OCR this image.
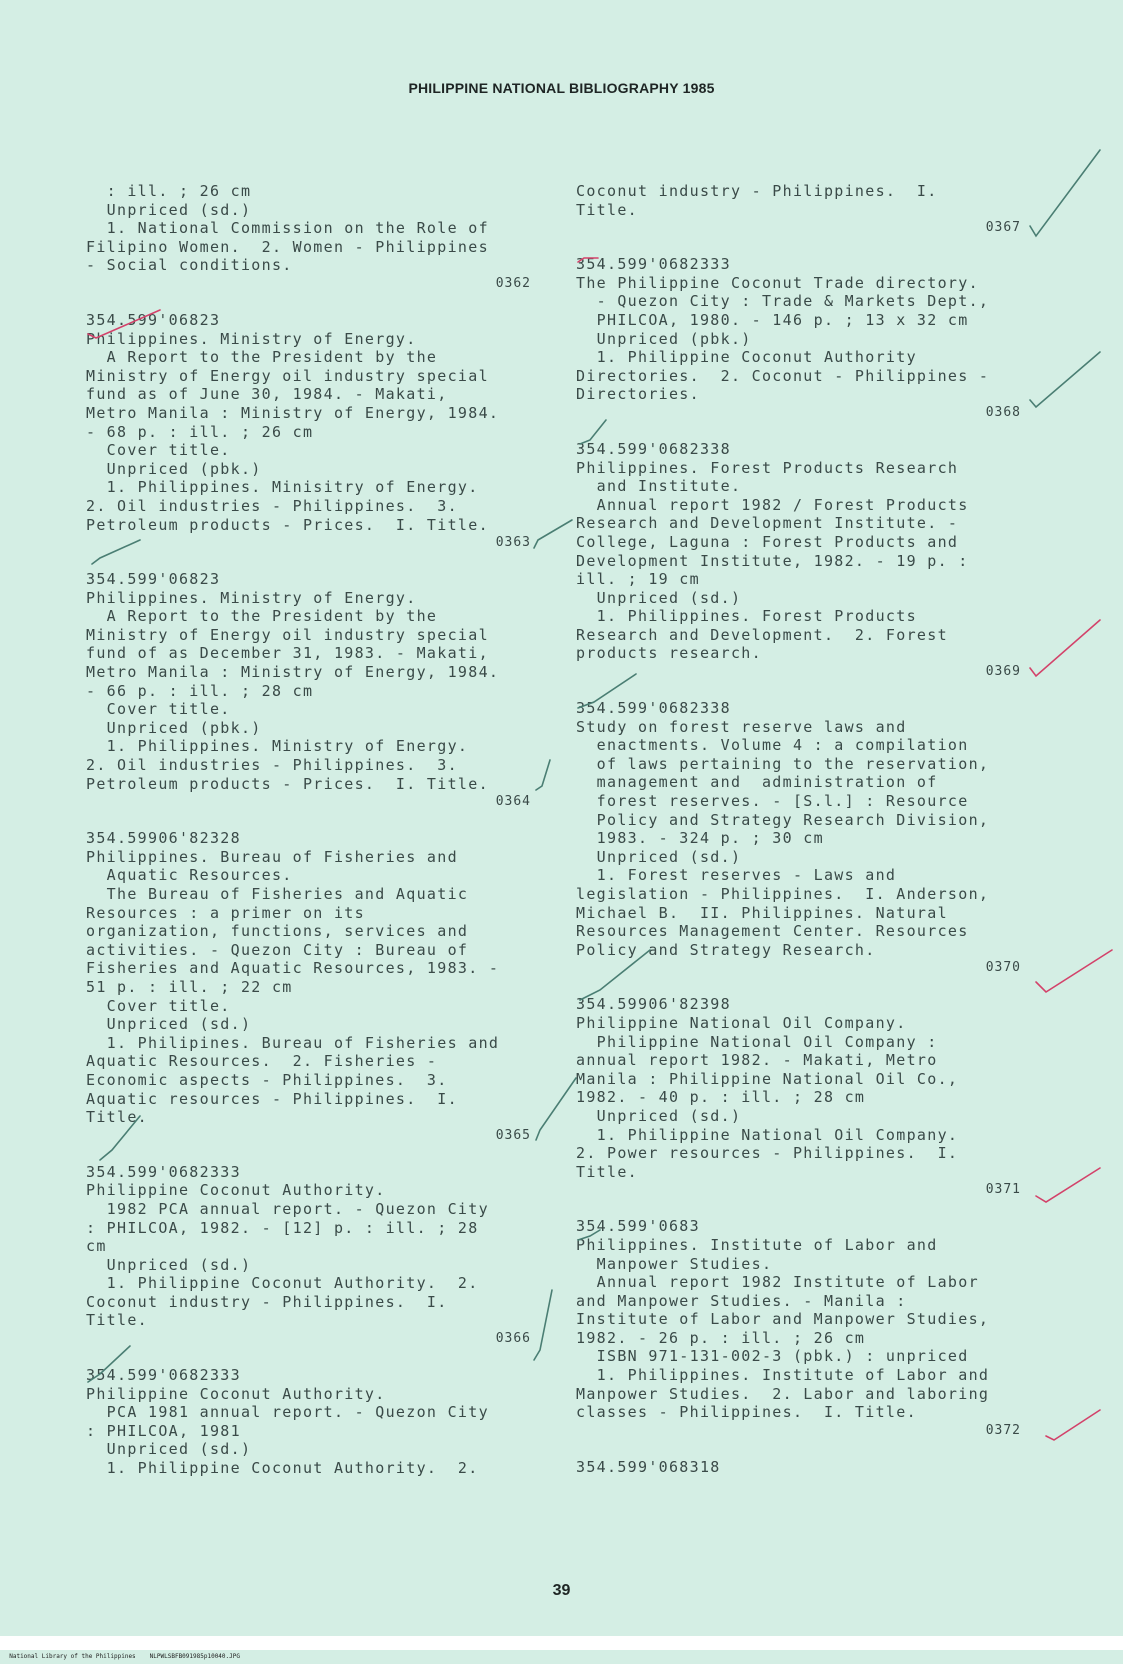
PHILIPPINE NATIONAL BIBLIOGRAPHY 1985
: ill. ; 26 cm
Unpriced (sd.)
1. National Commission on the Role of
Filipino Women.  2. Women - Philippines
- Social conditions.
0362
354.599'06823
Philippines. Ministry of Energy.
A Report to the President by the
Ministry of Energy oil industry special
fund as of June 30, 1984. - Makati,
Metro Manila : Ministry of Energy, 1984.
- 68 p. : ill. ; 26 cm
Cover title.
Unpriced (pbk.)
1. Philippines. Minisitry of Energy.
2. Oil industries - Philippines.  3.
Petroleum products - Prices.  I. Title.
0363
354.599'06823
Philippines. Ministry of Energy.
A Report to the President by the
Ministry of Energy oil industry special
fund of as December 31, 1983. - Makati,
Metro Manila : Ministry of Energy, 1984.
- 66 p. : ill. ; 28 cm
Cover title.
Unpriced (pbk.)
1. Philippines. Ministry of Energy.
2. Oil industries - Philippines.  3.
Petroleum products - Prices.  I. Title.
0364
354.59906'82328
Philippines. Bureau of Fisheries and
Aquatic Resources.
The Bureau of Fisheries and Aquatic
Resources : a primer on its
organization, functions, services and
activities. - Quezon City : Bureau of
Fisheries and Aquatic Resources, 1983. -
51 p. : ill. ; 22 cm
Cover title.
Unpriced (sd.)
1. Philipines. Bureau of Fisheries and
Aquatic Resources.  2. Fisheries -
Economic aspects - Philippines.  3.
Aquatic resources - Philippines.  I.
Title.
0365
354.599'0682333
Philippine Coconut Authority.
1982 PCA annual report. - Quezon City
: PHILCOA, 1982. - [12] p. : ill. ; 28
cm
Unpriced (sd.)
1. Philippine Coconut Authority.  2.
Coconut industry - Philippines.  I.
Title.
0366
354.599'0682333
Philippine Coconut Authority.
PCA 1981 annual report. - Quezon City
: PHILCOA, 1981
Unpriced (sd.)
1. Philippine Coconut Authority.  2.
Coconut industry - Philippines.  I.
Title.
0367
354.599'0682333
The Philippine Coconut Trade directory.
- Quezon City : Trade & Markets Dept.,
PHILCOA, 1980. - 146 p. ; 13 x 32 cm
Unpriced (pbk.)
1. Philippine Coconut Authority
Directories.  2. Coconut - Philippines -
Directories.
0368
354.599'0682338
Philippines. Forest Products Research
and Institute.
Annual report 1982 / Forest Products
Research and Development Institute. -
College, Laguna : Forest Products and
Development Institute, 1982. - 19 p. :
ill. ; 19 cm
Unpriced (sd.)
1. Philippines. Forest Products
Research and Development.  2. Forest
products research.
0369
354.599'0682338
Study on forest reserve laws and
enactments. Volume 4 : a compilation
of laws pertaining to the reservation,
management and  administration of
forest reserves. - [S.l.] : Resource
Policy and Strategy Research Division,
1983. - 324 p. ; 30 cm
Unpriced (sd.)
1. Forest reserves - Laws and
legislation - Philippines.  I. Anderson,
Michael B.  II. Philippines. Natural
Resources Management Center. Resources
Policy and Strategy Research.
0370
354.59906'82398
Philippine National Oil Company.
Philippine National Oil Company :
annual report 1982. - Makati, Metro
Manila : Philippine National Oil Co.,
1982. - 40 p. : ill. ; 28 cm
Unpriced (sd.)
1. Philippine National Oil Company.
2. Power resources - Philippines.  I.
Title.
0371
354.599'0683
Philippines. Institute of Labor and
Manpower Studies.
Annual report 1982 Institute of Labor
and Manpower Studies. - Manila :
Institute of Labor and Manpower Studies,
1982. - 26 p. : ill. ; 26 cm
ISBN 971-131-002-3 (pbk.) : unpriced
1. Philippines. Institute of Labor and
Manpower Studies.  2. Labor and laboring
classes - Philippines.  I. Title.
0372
354.599'068318
39

National Library of the Philippines NLPWLSBFB091985p10040.JPG
